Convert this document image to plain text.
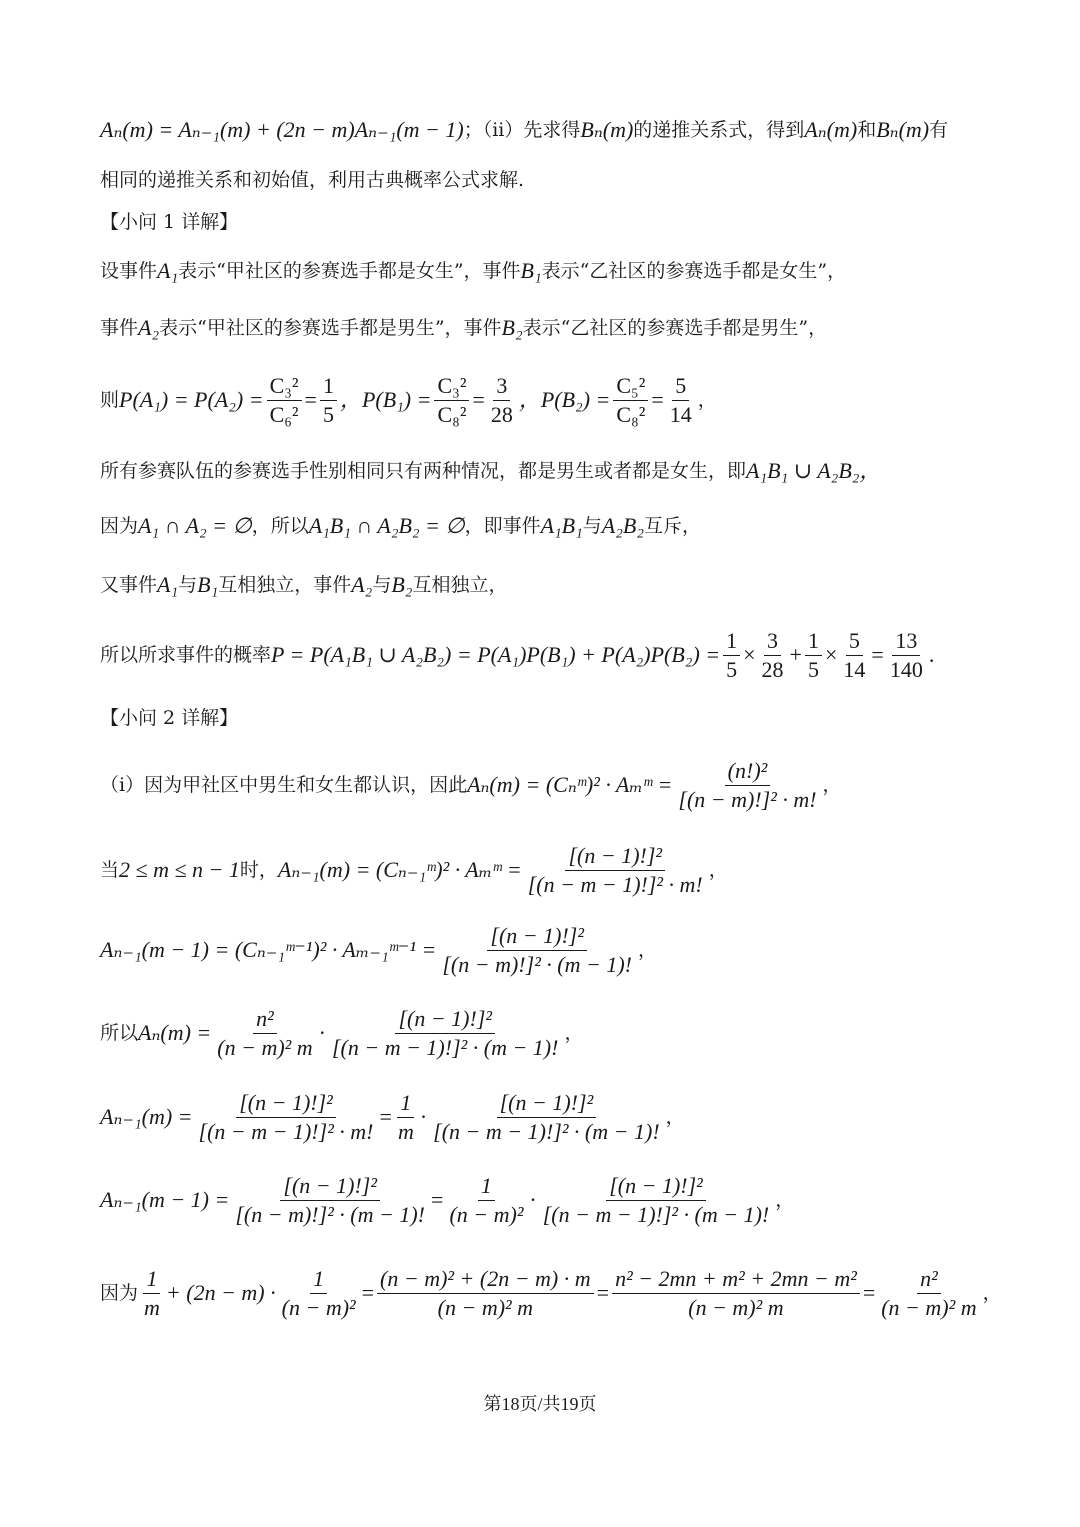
Aₙ(m) = Aₙ₋₁(m) + (2n − m)Aₙ₋₁(m − 1) ；（ii）先求得 Bₙ(m) 的递推关系式，得到 Aₙ(m) 和 Bₙ(m) 有
相同的递推关系和初始值，利用古典概率公式求解.
【小问 1 详解】
设事件 A₁ 表示“甲社区的参赛选手都是女生”，事件 B₁ 表示“乙社区的参赛选手都是女生”，
事件 A₂ 表示“甲社区的参赛选手都是男生”，事件 B₂ 表示“乙社区的参赛选手都是男生”，
则 $P(A_1) = P(A_2) = \frac{\text{C₃²}}{\text{C₆²}} = \frac{1}{5}$ ，$P(B_1) = \frac{\text{C₃²}}{\text{C₈²}} = \frac{3}{28}$ ，$P(B_2) = \frac{\text{C₅²}}{\text{C₈²}} = \frac{5}{14}$ ，
所有参赛队伍的参赛选手性别相同只有两种情况，都是男生或者都是女生，即 A₁B₁ ∪ A₂B₂，
因为 A₁ ∩ A₂ = ∅ ，所以 A₁B₁ ∩ A₂B₂ = ∅ ，即事件 A₁B₁ 与 A₂B₂ 互斥，
又事件 A₁ 与 B₁ 互相独立，事件 A₂ 与 B₂ 互相独立，
所以所求事件的概率 P = P(A₁B₁ ∪ $A_2B_2) = P(A_1)P(B_1) + P(A_2)P(B_2) = \frac{1}{5} \times \frac{3}{28} + \frac{1}{5} \times \frac{5}{14} = \frac{13}{140}$ .
【小问 2 详解】
（i）因为甲社区中男生和女生都认识，因此 Aₙ(m) = (Cₙᵐ)² · Aₘᵐ = $\frac{\text{(n!)²}}{\text{[(n − m)!]² · m!}}$ ，
当 2 ≤ m ≤ n − 1 时， Aₙ₋₁(m) = (Cₙ₋₁ᵐ)² · Aₘᵐ = $\frac{\text{[(n − 1)!]²}}{\text{[(n − m − 1)!]² · m!}}$ ，
Aₙ₋₁(m − 1) = (Cₙ₋₁ᵐ⁻¹)² · Aₘ₋₁ᵐ⁻¹ = $\frac{\text{[(n − 1)!]²}}{\text{[(n − m)!]² · (m − 1)!}}$ ，
所以 $A_n(m) = \frac{\text{n²}}{\text{(n − m)² m}} \cdot \frac{\text{[(n − 1)!]²}}{\text{[(n − m − 1)!]² · (m − 1)!}}$ ，
$A_{n-1}(m) = \frac{\text{[(n − 1)!]²}}{\text{[(n − m − 1)!]² · m!}} = \frac{1}{m} \cdot \frac{\text{[(n − 1)!]²}}{\text{[(n − m − 1)!]² · (m − 1)!}}$ ，
$A_{n-1}(m - 1) = \frac{\text{[(n − 1)!]²}}{\text{[(n − m)!]² · (m − 1)!}} = \frac{1}{\text{(n − m)²}} \cdot \frac{\text{[(n − 1)!]²}}{\text{[(n − m − 1)!]² · (m − 1)!}}$ ，
因为 $\frac{1}{m} + (2n - m) \cdot \frac{1}{\text{(n − m)²}} = \frac{\text{(n − m)² + (2n − m) · m}}{\text{(n − m)² m}} = \frac{\text{n² − 2mn + m² + 2mn − m²}}{\text{(n − m)² m}} = \frac{\text{n²}}{\text{(n − m)² m}}$ ，
第18页/共19页
